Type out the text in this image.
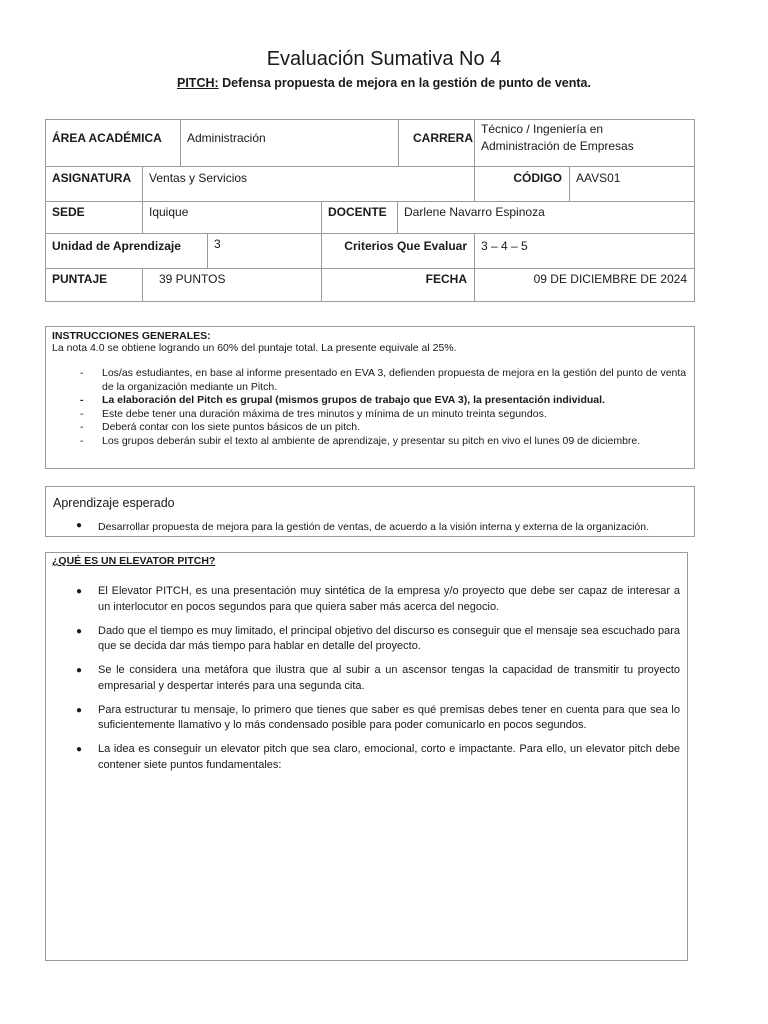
Evaluación Sumativa No 4
PITCH: Defensa propuesta de mejora en la gestión de punto de venta.
ÁREA ACADÉMICA	Administración	CARRERA
Técnico / Ingeniería en
Administración de Empresas
ASIGNATURA	Ventas y Servicios	CÓDIGO	AAVS01
SEDE	Iquique	DOCENTE	Darlene Navarro Espinoza
Unidad de Aprendizaje	3	Criterios Que Evaluar	3 – 4 – 5
PUNTAJE	39 PUNTOS	FECHA	09 DE DICIEMBRE DE 2024
INSTRUCCIONES GENERALES:
La nota 4.0 se obtiene logrando un 60% del puntaje total. La presente equivale al 25%.
- Los/as estudiantes, en base al informe presentado en EVA 3, defienden propuesta de mejora en la gestión del punto de venta de la organización mediante un Pitch.
- La elaboración del Pitch es grupal (mismos grupos de trabajo que EVA 3), la presentación individual.
- Este debe tener una duración máxima de tres minutos y mínima de un minuto treinta segundos.
- Deberá contar con los siete puntos básicos de un pitch.
- Los grupos deberán subir el texto al ambiente de aprendizaje, y presentar su pitch en vivo el lunes 09 de diciembre.
Aprendizaje esperado
● Desarrollar propuesta de mejora para la gestión de ventas, de acuerdo a la visión interna y externa de la organización.
¿QUÉ ES UN ELEVATOR PITCH?
● El Elevator PITCH, es una presentación muy sintética de la empresa y/o proyecto que debe ser capaz de interesar a un interlocutor en pocos segundos para que quiera saber más acerca del negocio.
● Dado que el tiempo es muy limitado, el principal objetivo del discurso es conseguir que el mensaje sea escuchado para que se decida dar más tiempo para hablar en detalle del proyecto.
● Se le considera una metáfora que ilustra que al subir a un ascensor tengas la capacidad de transmitir tu proyecto empresarial y despertar interés para una segunda cita.
● Para estructurar tu mensaje, lo primero que tienes que saber es qué premisas debes tener en cuenta para que sea lo suficientemente llamativo y lo más condensado posible para poder comunicarlo en pocos segundos.
● La idea es conseguir un elevator pitch que sea claro, emocional, corto e impactante. Para ello, un elevator pitch debe contener siete puntos fundamentales:
